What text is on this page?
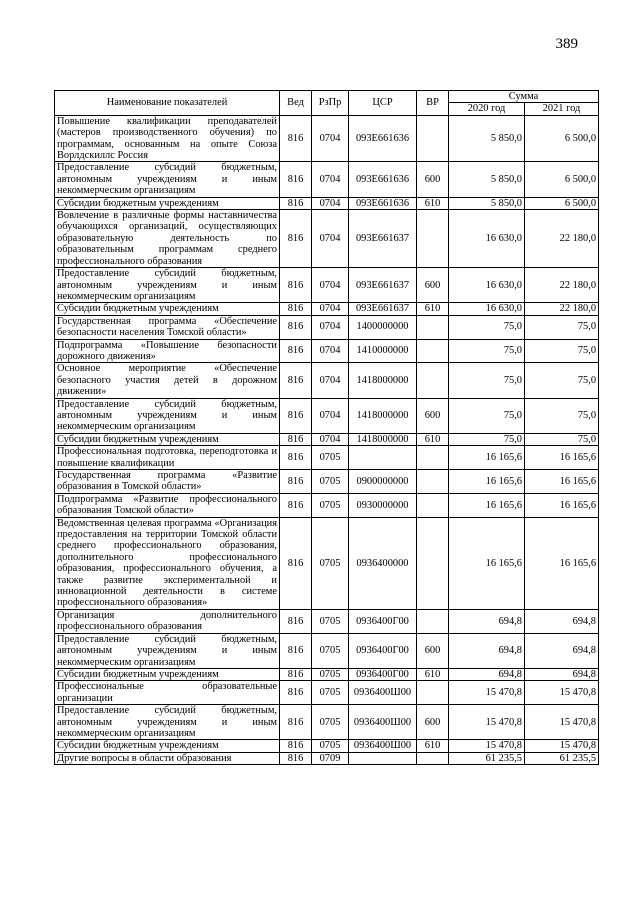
389
Наименование показателей	Вед	РзПр	ЦСР	ВР	Сумма	
					2020 год	2021 год
Повышение квалификации преподавателей (мастеров производственного обучения) по программам, основанным на опыте Союза Ворлдскиллс Россия	816	0704	093E661636		5 850,0	6 500,0
Предоставление субсидий бюджетным, автономным учреждениям и иным некоммерческим организациям	816	0704	093E661636	600	5 850,0	6 500,0
Субсидии бюджетным учреждениям	816	0704	093E661636	610	5 850,0	6 500,0
Вовлечение в различные формы наставничества обучающихся организаций, осуществляющих образовательную деятельность по образовательным программам среднего профессионального образования	816	0704	093E661637		16 630,0	22 180,0
Предоставление субсидий бюджетным, автономным учреждениям и иным некоммерческим организациям	816	0704	093E661637	600	16 630,0	22 180,0
Субсидии бюджетным учреждениям	816	0704	093E661637	610	16 630,0	22 180,0
Государственная программа «Обеспечение безопасности населения Томской области»	816	0704	1400000000		75,0	75,0
Подпрограмма «Повышение безопасности дорожного движения»	816	0704	1410000000		75,0	75,0
Основное мероприятие «Обеспечение безопасного участия детей в дорожном движении»	816	0704	1418000000		75,0	75,0
Предоставление субсидий бюджетным, автономным учреждениям и иным некоммерческим организациям	816	0704	1418000000	600	75,0	75,0
Субсидии бюджетным учреждениям	816	0704	1418000000	610	75,0	75,0
Профессиональная подготовка, переподготовка и повышение квалификации	816	0705			16 165,6	16 165,6
Государственная программа «Развитие образования в Томской области»	816	0705	0900000000		16 165,6	16 165,6
Подпрограмма «Развитие профессионального образования Томской области»	816	0705	0930000000		16 165,6	16 165,6
Ведомственная целевая программа «Организация предоставления на территории Томской области среднего профессионального образования, дополнительного профессионального образования, профессионального обучения, а также развитие экспериментальной и инновационной деятельности в системе профессионального образования»	816	0705	0936400000		16 165,6	16 165,6
Организация дополнительного профессионального образования	816	0705	0936400Г00		694,8	694,8
Предоставление субсидий бюджетным, автономным учреждениям и иным некоммерческим организациям	816	0705	0936400Г00	600	694,8	694,8
Субсидии бюджетным учреждениям	816	0705	0936400Г00	610	694,8	694,8
Профессиональные образовательные организации	816	0705	0936400Ш00		15 470,8	15 470,8
Предоставление субсидий бюджетным, автономным учреждениям и иным некоммерческим организациям	816	0705	0936400Ш00	600	15 470,8	15 470,8
Субсидии бюджетным учреждениям	816	0705	0936400Ш00	610	15 470,8	15 470,8
Другие вопросы в области образования	816	0709			61 235,5	61 235,5
